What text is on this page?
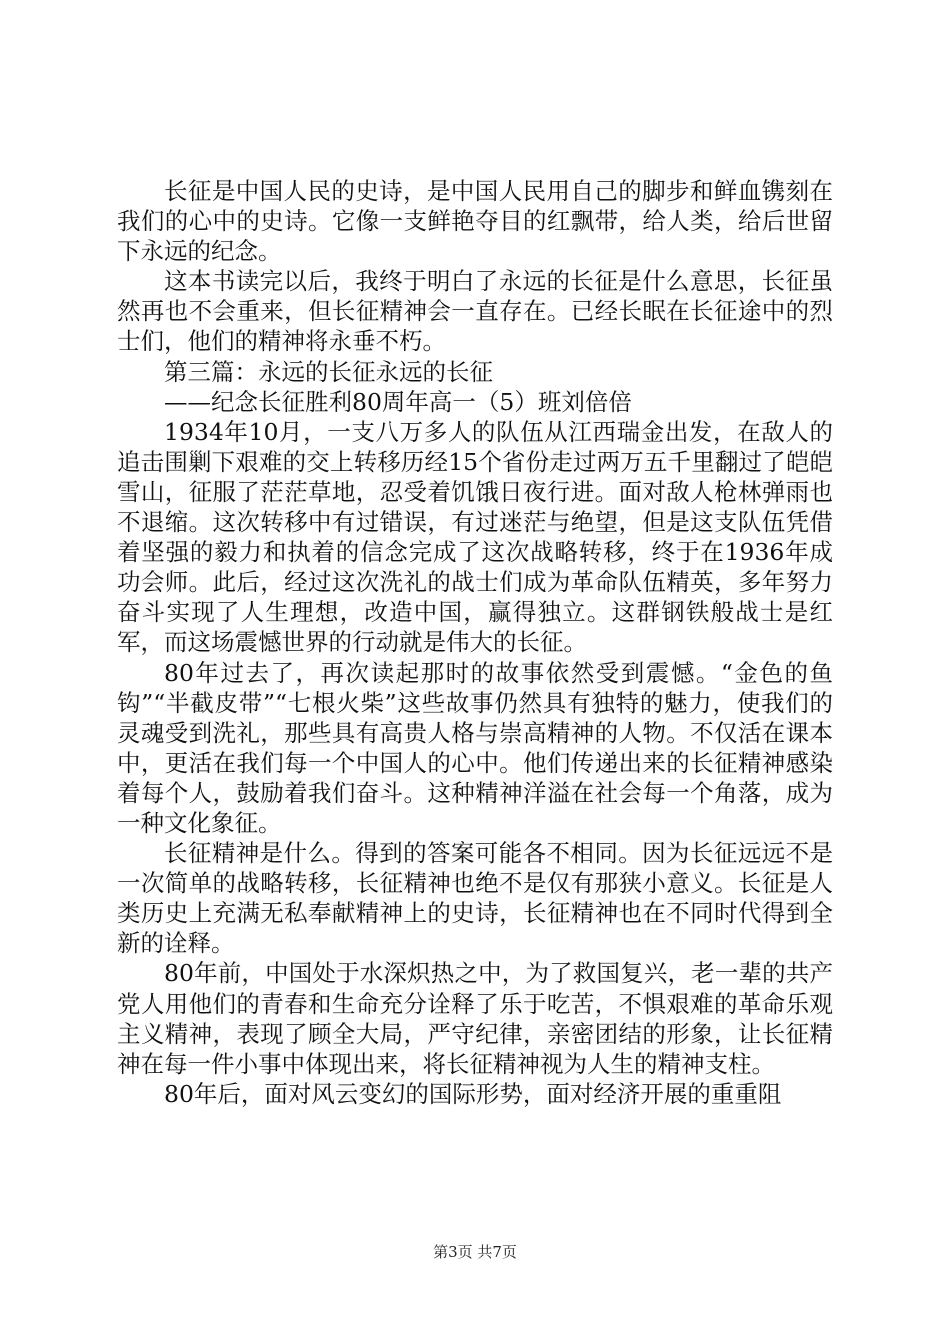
长征是中国人民的史诗，是中国人民用自己的脚步和鲜血镌刻在我们的心中的史诗。它像一支鲜艳夺目的红飘带，给人类，给后世留下永远的纪念。

这本书读完以后，我终于明白了永远的长征是什么意思，长征虽然再也不会重来，但长征精神会一直存在。已经长眠在长征途中的烈士们，他们的精神将永垂不朽。

第三篇：永远的长征永远的长征

——纪念长征胜利80周年高一（5）班刘倍倍

1934年10月，一支八万多人的队伍从江西瑞金出发，在敌人的追击围剿下艰难的交上转移历经15个省份走过两万五千里翻过了皑皑雪山，征服了茫茫草地，忍受着饥饿日夜行进。面对敌人枪林弹雨也不退缩。这次转移中有过错误，有过迷茫与绝望，但是这支队伍凭借着坚强的毅力和执着的信念完成了这次战略转移，终于在1936年成功会师。此后，经过这次洗礼的战士们成为革命队伍精英，多年努力奋斗实现了人生理想，改造中国，赢得独立。这群钢铁般战士是红军，而这场震憾世界的行动就是伟大的长征。

80年过去了，再次读起那时的故事依然受到震憾。“金色的鱼钩”“半截皮带”“七根火柴”这些故事仍然具有独特的魅力，使我们的灵魂受到洗礼，那些具有高贵人格与崇高精神的人物。不仅活在课本中，更活在我们每一个中国人的心中。他们传递出来的长征精神感染着每个人，鼓励着我们奋斗。这种精神洋溢在社会每一个角落，成为一种文化象征。

长征精神是什么。得到的答案可能各不相同。因为长征远远不是一次简单的战略转移，长征精神也绝不是仅有那狭小意义。长征是人类历史上充满无私奉献精神上的史诗，长征精神也在不同时代得到全新的诠释。

80年前，中国处于水深炽热之中，为了救国复兴，老一辈的共产党人用他们的青春和生命充分诠释了乐于吃苦，不惧艰难的革命乐观主义精神，表现了顾全大局，严守纪律，亲密团结的形象，让长征精神在每一件小事中体现出来，将长征精神视为人生的精神支柱。

80年后，面对风云变幻的国际形势，面对经济开展的重重阻

第3页 共7页
